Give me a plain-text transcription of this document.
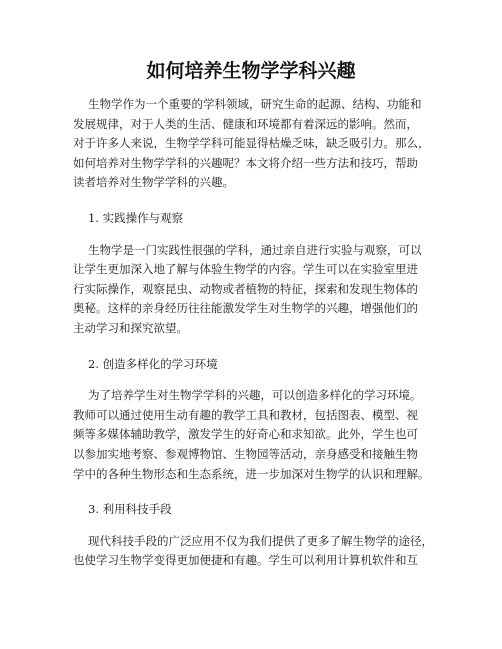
如何培养生物学学科兴趣
生物学作为一个重要的学科领域，研究生命的起源、结构、功能和
发展规律，对于人类的生活、健康和环境都有着深远的影响。然而，
对于许多人来说，生物学学科可能显得枯燥乏味，缺乏吸引力。那么，
如何培养对生物学学科的兴趣呢？本文将介绍一些方法和技巧，帮助
读者培养对生物学学科的兴趣。
1. 实践操作与观察
生物学是一门实践性很强的学科，通过亲自进行实验与观察，可以
让学生更加深入地了解与体验生物学的内容。学生可以在实验室里进
行实际操作，观察昆虫、动物或者植物的特征，探索和发现生物体的
奥秘。这样的亲身经历往往能激发学生对生物学的兴趣，增强他们的
主动学习和探究欲望。
2. 创造多样化的学习环境
为了培养学生对生物学学科的兴趣，可以创造多样化的学习环境。
教师可以通过使用生动有趣的教学工具和教材，包括图表、模型、视
频等多媒体辅助教学，激发学生的好奇心和求知欲。此外，学生也可
以参加实地考察、参观博物馆、生物园等活动，亲身感受和接触生物
学中的各种生物形态和生态系统，进一步加深对生物学的认识和理解。
3. 利用科技手段
现代科技手段的广泛应用不仅为我们提供了更多了解生物学的途径，
也使学习生物学变得更加便捷和有趣。学生可以利用计算机软件和互
